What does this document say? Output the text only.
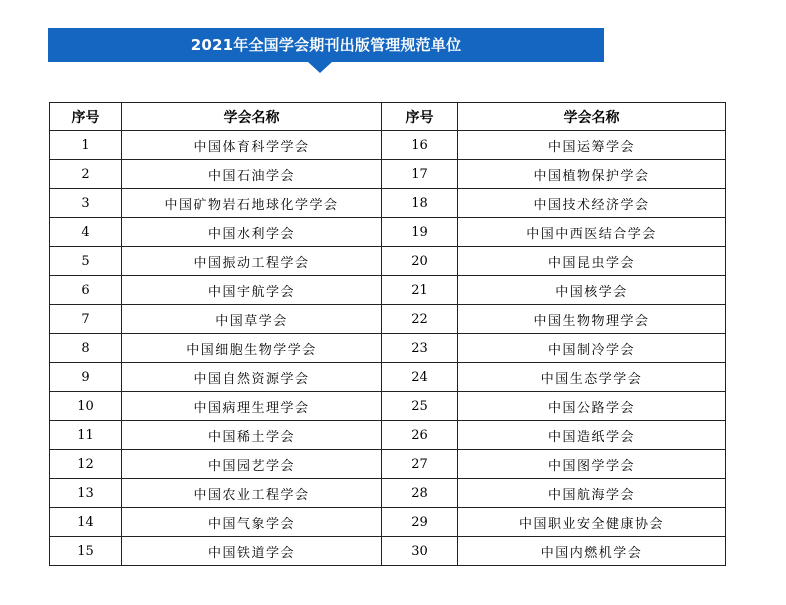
2021年全国学会期刊出版管理规范单位
序号	学会名称	序号	学会名称
1	中国体育科学学会	16	中国运筹学会
2	中国石油学会	17	中国植物保护学会
3	中国矿物岩石地球化学学会	18	中国技术经济学会
4	中国水利学会	19	中国中西医结合学会
5	中国振动工程学会	20	中国昆虫学会
6	中国宇航学会	21	中国核学会
7	中国草学会	22	中国生物物理学会
8	中国细胞生物学学会	23	中国制冷学会
9	中国自然资源学会	24	中国生态学学会
10	中国病理生理学会	25	中国公路学会
11	中国稀土学会	26	中国造纸学会
12	中国园艺学会	27	中国图学学会
13	中国农业工程学会	28	中国航海学会
14	中国气象学会	29	中国职业安全健康协会
15	中国铁道学会	30	中国内燃机学会
